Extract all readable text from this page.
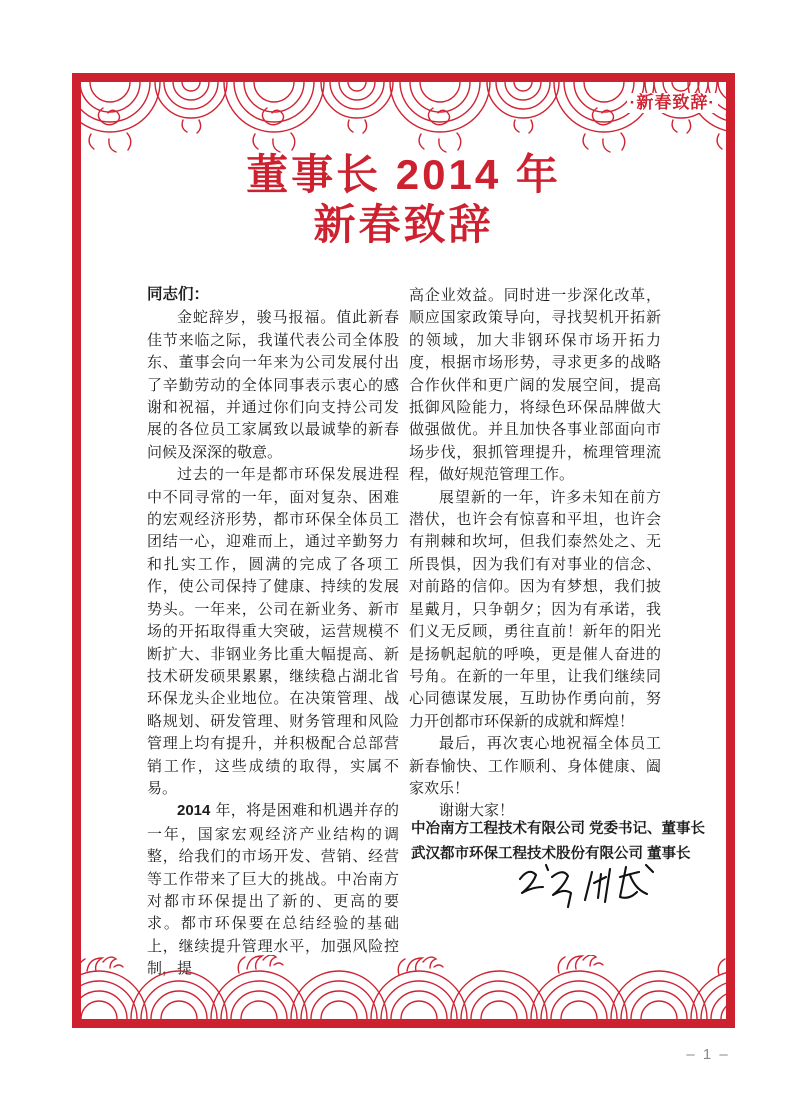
·新春致辞·
董事长 2014 年
新春致辞

同志们：

金蛇辞岁，骏马报福。值此新春佳节来临之际，我谨代表公司全体股东、董事会向一年来为公司发展付出了辛勤劳动的全体同事表示衷心的感谢和祝福，并通过你们向支持公司发展的各位员工家属致以最诚挚的新春问候及深深的敬意。

过去的一年是都市环保发展进程中不同寻常的一年，面对复杂、困难的宏观经济形势，都市环保全体员工团结一心，迎难而上，通过辛勤努力和扎实工作，圆满的完成了各项工作，使公司保持了健康、持续的发展势头。一年来，公司在新业务、新市场的开拓取得重大突破，运营规模不断扩大、非钢业务比重大幅提高、新技术研发硕果累累，继续稳占湖北省环保龙头企业地位。在决策管理、战略规划、研发管理、财务管理和风险管理上均有提升，并积极配合总部营销工作，这些成绩的取得，实属不易。

2014 年，将是困难和机遇并存的一年，国家宏观经济产业结构的调整，给我们的市场开发、营销、经营等工作带来了巨大的挑战。中冶南方对都市环保提出了新的、更高的要求。都市环保要在总结经验的基础上，继续提升管理水平，加强风险控制，提

高企业效益。同时进一步深化改革，顺应国家政策导向，寻找契机开拓新的领域，加大非钢环保市场开拓力度，根据市场形势，寻求更多的战略合作伙伴和更广阔的发展空间，提高抵御风险能力，将绿色环保品牌做大做强做优。并且加快各事业部面向市场步伐，狠抓管理提升，梳理管理流程，做好规范管理工作。

展望新的一年，许多未知在前方潜伏，也许会有惊喜和平坦，也许会有荆棘和坎坷，但我们泰然处之、无所畏惧，因为我们有对事业的信念、对前路的信仰。因为有梦想，我们披星戴月，只争朝夕；因为有承诺，我们义无反顾，勇往直前！新年的阳光是扬帆起航的呼唤，更是催人奋进的号角。在新的一年里，让我们继续同心同德谋发展，互助协作勇向前，努力开创都市环保新的成就和辉煌！

最后，再次衷心地祝福全体员工新春愉快、工作顺利、身体健康、阖家欢乐！

谢谢大家！

中冶南方工程技术有限公司 党委书记、董事长
武汉都市环保工程技术股份有限公司 董事长
– 1 –
